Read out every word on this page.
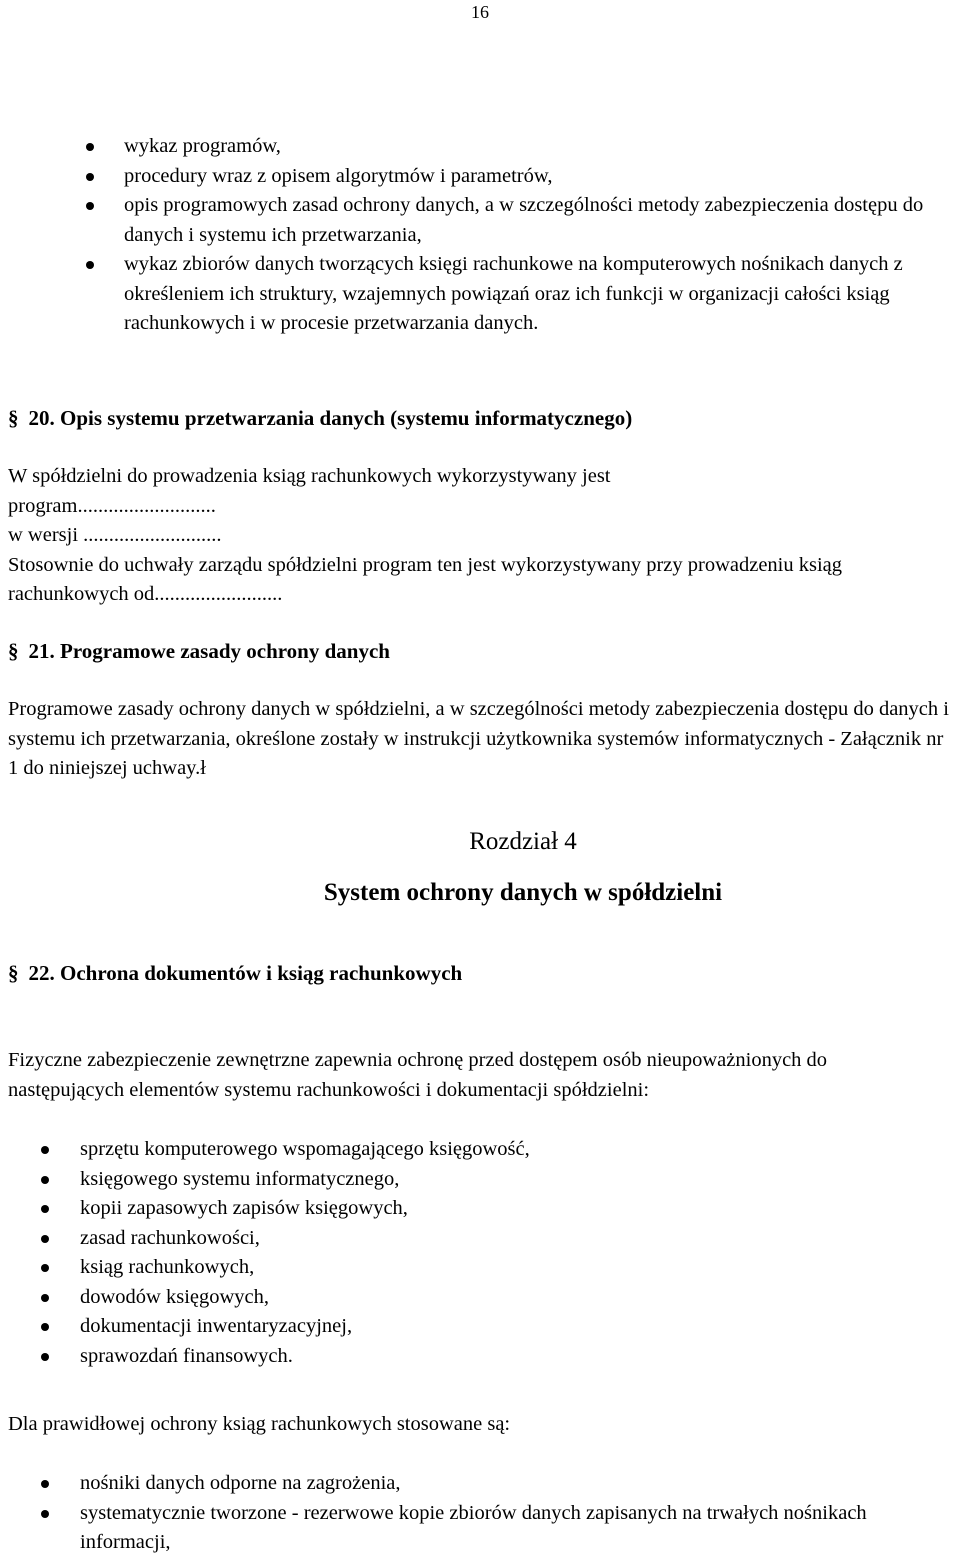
16
wykaz programów,
procedury wraz z opisem algorytmów i parametrów,
opis programowych zasad ochrony danych, a w szczególności metody zabezpieczenia dostępu do danych i systemu ich przetwarzania,
wykaz zbiorów danych tworzących księgi rachunkowe na komputerowych nośnikach danych z określeniem ich struktury, wzajemnych powiązań oraz ich funkcji w organizacji całości ksiąg rachunkowych i w procesie przetwarzania danych.
§ 20. Opis systemu przetwarzania danych (systemu informatycznego)
W spółdzielni do prowadzenia ksiąg rachunkowych wykorzystywany jest
program...........................
w wersji ...........................
Stosownie do uchwały zarządu spółdzielni program ten jest wykorzystywany przy prowadzeniu ksiąg rachunkowych od.........................
§ 21. Programowe zasady ochrony danych
Programowe zasady ochrony danych w spółdzielni, a w szczególności metody zabezpieczenia dostępu do danych i systemu ich przetwarzania, określone zostały w instrukcji użytkownika systemów informatycznych - Załącznik nr 1 do niniejszej uchway.ł
Rozdział 4
System ochrony danych w spółdzielni
§ 22. Ochrona dokumentów i ksiąg rachunkowych
Fizyczne zabezpieczenie zewnętrzne zapewnia ochronę przed dostępem osób nieupoważnionych do następujących elementów systemu rachunkowości i dokumentacji spółdzielni:
sprzętu komputerowego wspomagającego księgowość,
księgowego systemu informatycznego,
kopii zapasowych zapisów księgowych,
zasad rachunkowości,
ksiąg rachunkowych,
dowodów księgowych,
dokumentacji inwentaryzacyjnej,
sprawozdań finansowych.
Dla prawidłowej ochrony ksiąg rachunkowych stosowane są:
nośniki danych odporne na zagrożenia,
systematycznie tworzone - rezerwowe kopie zbiorów danych zapisanych na trwałych nośnikach informacji,
